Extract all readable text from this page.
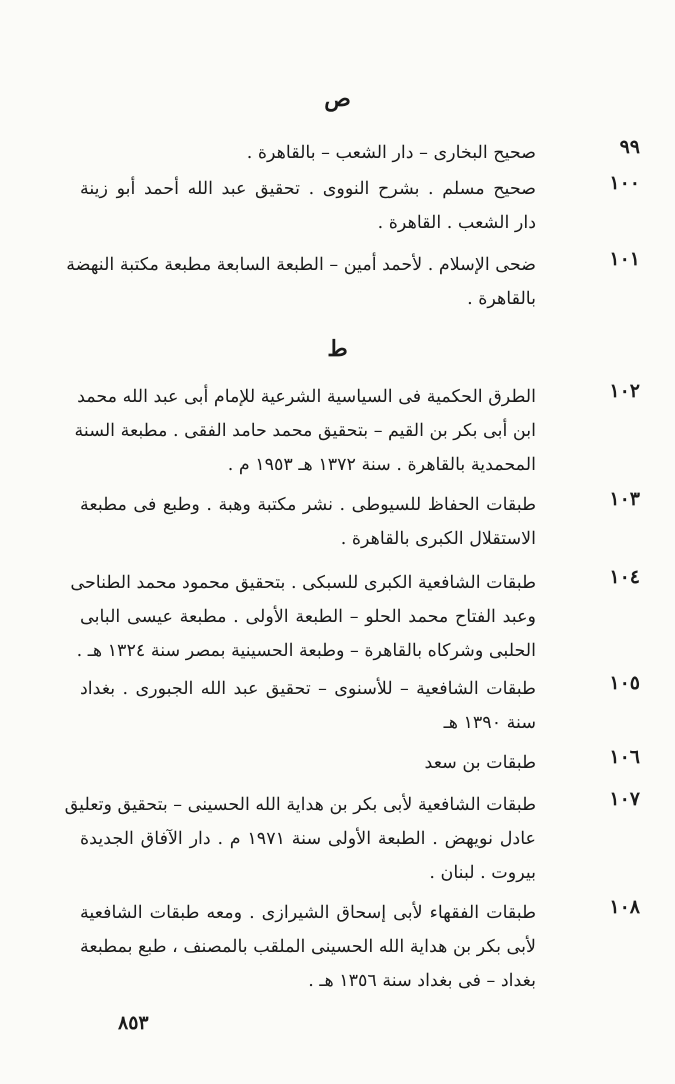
ص
٩٩
صحيح البخارى – دار الشعب – بالقاهرة .
١٠٠
صحيح مسلم . بشرح النووى . تحقيق عبد الله أحمد أبو زينة
دار الشعب . القاهرة .
١٠١
ضحى الإسلام . لأحمد أمين – الطبعة السابعة مطبعة مكتبة النهضة
بالقاهرة .
ط
١٠٢
الطرق الحكمية فى السياسية الشرعية للإمام أبى عبد الله محمد
ابن أبى بكر بن القيم – بتحقيق محمد حامد الفقى . مطبعة السنة
المحمدية بالقاهرة . سنة ١٣٧٢ هـ ١٩٥٣ م .
١٠٣
طبقات الحفاظ للسيوطى . نشر مكتبة وهبة . وطبع فى مطبعة
الاستقلال الكبرى بالقاهرة .
١٠٤
طبقات الشافعية الكبرى للسبكى . بتحقيق محمود محمد الطناحى
وعبد الفتاح محمد الحلو – الطبعة الأولى . مطبعة عيسى البابى
الحلبى وشركاه بالقاهرة – وطبعة الحسينية بمصر سنة ١٣٢٤ هـ .
١٠٥
طبقات الشافعية – للأسنوى – تحقيق عبد الله الجبورى . بغداد
سنة ١٣٩٠ هـ
١٠٦
طبقات بن سعد
١٠٧
طبقات الشافعية لأبى بكر بن هداية الله الحسينى – بتحقيق وتعليق
عادل نويهض . الطبعة الأولى سنة ١٩٧١ م . دار الآفاق الجديدة
بيروت . لبنان .
١٠٨
طبقات الفقهاء لأبى إسحاق الشيرازى . ومعه طبقات الشافعية
لأبى بكر بن هداية الله الحسينى الملقب بالمصنف ، طبع بمطبعة
بغداد – فى بغداد سنة ١٣٥٦ هـ .
٨٥٣
